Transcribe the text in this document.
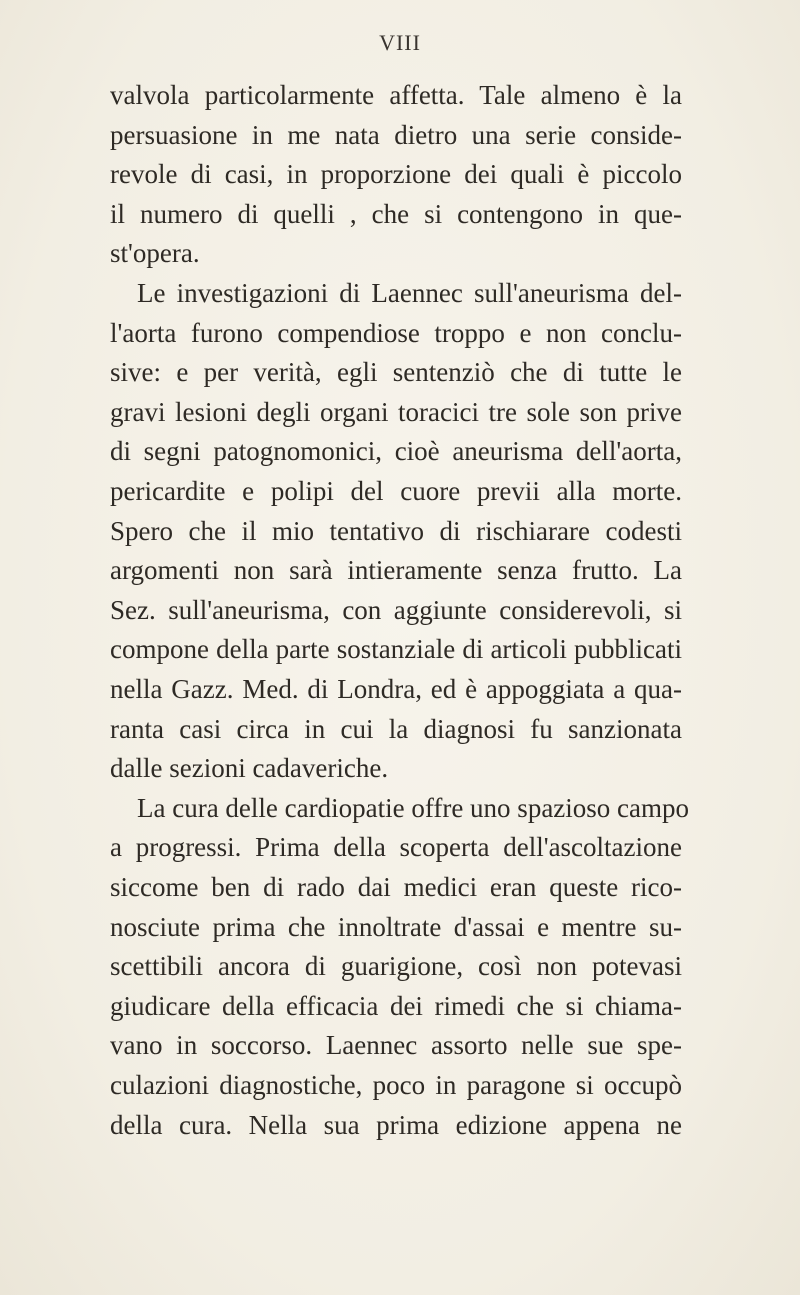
VIII
valvola particolarmente affetta. Tale almeno è la
persuasione in me nata dietro una serie conside-
revole di casi, in proporzione dei quali è piccolo
il numero di quelli , che si contengono in que-
st'opera.
Le investigazioni di Laennec sull'aneurisma del-
l'aorta furono compendiose troppo e non conclu-
sive: e per verità, egli sentenziò che di tutte le
gravi lesioni degli organi toracici tre sole son prive
di segni patognomonici, cioè aneurisma dell'aorta,
pericardite e polipi del cuore previi alla morte.
Spero che il mio tentativo di rischiarare codesti
argomenti non sarà intieramente senza frutto. La
Sez. sull'aneurisma, con aggiunte considerevoli, si
compone della parte sostanziale di articoli pubblicati
nella Gazz. Med. di Londra, ed è appoggiata a qua-
ranta casi circa in cui la diagnosi fu sanzionata
dalle sezioni cadaveriche.
La cura delle cardiopatie offre uno spazioso campo
a progressi. Prima della scoperta dell'ascoltazione
siccome ben di rado dai medici eran queste rico-
nosciute prima che innoltrate d'assai e mentre su-
scettibili ancora di guarigione, così non potevasi
giudicare della efficacia dei rimedi che si chiama-
vano in soccorso. Laennec assorto nelle sue spe-
culazioni diagnostiche, poco in paragone si occupò
della cura. Nella sua prima edizione appena ne
